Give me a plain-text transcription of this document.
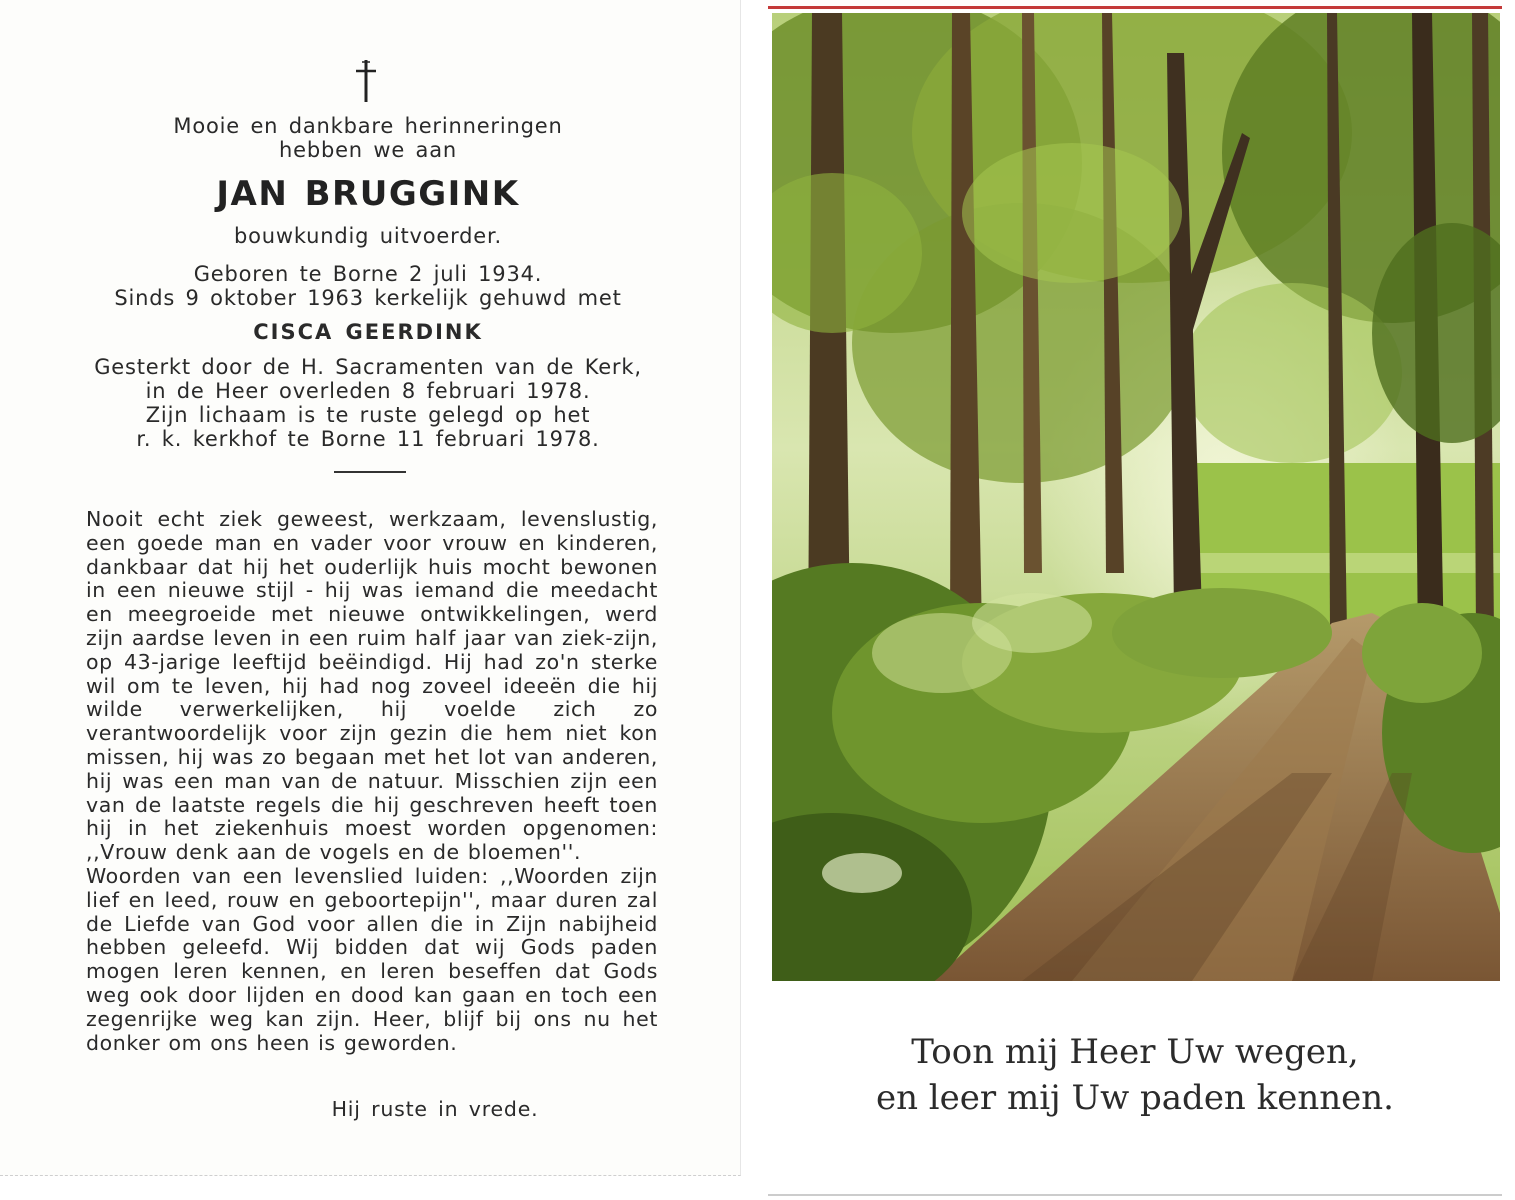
Mooie en dankbare herinneringen
hebben we aan
JAN BRUGGINK
bouwkundig uitvoerder.
Geboren te Borne 2 juli 1934.
Sinds 9 oktober 1963 kerkelijk gehuwd met
CISCA GEERDINK
Gesterkt door de H. Sacramenten van de Kerk,
in de Heer overleden 8 februari 1978.
Zijn lichaam is te ruste gelegd op het
r. k. kerkhof te Borne 11 februari 1978.

Nooit echt ziek geweest, werkzaam, levenslustig, een goede man en vader voor vrouw en kinderen, dankbaar dat hij het ouderlijk huis mocht bewonen in een nieuwe stijl - hij was iemand die meedacht en meegroeide met nieuwe ontwikkelingen, werd zijn aardse leven in een ruim half jaar van ziek-zijn, op 43-jarige leeftijd beëindigd. Hij had zo'n sterke wil om te leven, hij had nog zoveel ideeën die hij wilde verwerkelijken, hij voelde zich zo verantwoordelijk voor zijn gezin die hem niet kon missen, hij was zo begaan met het lot van anderen, hij was een man van de natuur. Misschien zijn een van de laatste regels die hij geschreven heeft toen hij in het ziekenhuis moest worden opgenomen: ,,Vrouw denk aan de vogels en de bloemen''.

Woorden van een levenslied luiden: ,,Woorden zijn lief en leed, rouw en geboortepijn'', maar duren zal de Liefde van God voor allen die in Zijn nabijheid hebben geleefd. Wij bidden dat wij Gods paden mogen leren kennen, en leren beseffen dat Gods weg ook door lijden en dood kan gaan en toch een zegenrijke weg kan zijn. Heer, blijf bij ons nu het donker om ons heen is geworden.

Hij ruste in vrede.
Toon mij Heer Uw wegen,
en leer mij Uw paden kennen.
